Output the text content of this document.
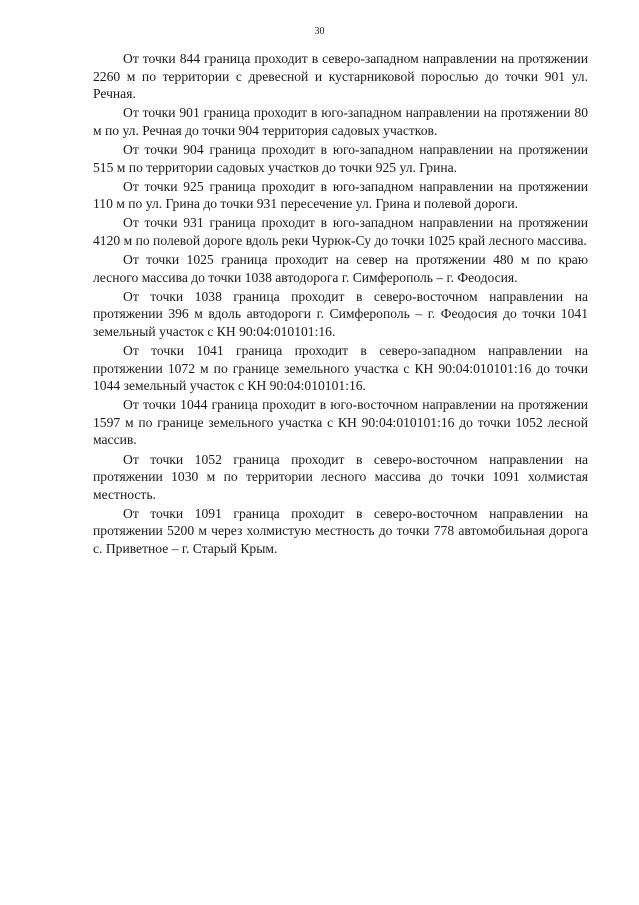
30

От точки 844 граница проходит в северо-западном направлении на протяжении 2260 м по территории с древесной и кустарниковой порослью до точки 901 ул. Речная.

От точки 901 граница проходит в юго-западном направлении на протяжении 80 м по ул. Речная до точки 904 территория садовых участков.

От точки 904 граница проходит в юго-западном направлении на протяжении 515 м по территории садовых участков до точки 925 ул. Грина.

От точки 925 граница проходит в юго-западном направлении на протяжении 110 м по ул. Грина до точки 931 пересечение ул. Грина и полевой дороги.

От точки 931 граница проходит в юго-западном направлении на протяжении 4120 м по полевой дороге вдоль реки Чурюк-Су до точки 1025 край лесного массива.

От точки 1025 граница проходит на север на протяжении 480 м по краю лесного массива до точки 1038 автодорога г. Симферополь – г. Феодосия.

От точки 1038 граница проходит в северо-восточном направлении на протяжении 396 м вдоль автодороги г. Симферополь – г. Феодосия до точки 1041 земельный участок с КН 90:04:010101:16.

От точки 1041 граница проходит в северо-западном направлении на протяжении 1072 м по границе земельного участка с КН 90:04:010101:16 до точки 1044 земельный участок с КН 90:04:010101:16.

От точки 1044 граница проходит в юго-восточном направлении на протяжении 1597 м по границе земельного участка с КН 90:04:010101:16 до точки 1052 лесной массив.

От точки 1052 граница проходит в северо-восточном направлении на протяжении 1030 м по территории лесного массива до точки 1091 холмистая местность.

От точки 1091 граница проходит в северо-восточном направлении на протяжении 5200 м через холмистую местность до точки 778 автомобильная дорога с. Приветное – г. Старый Крым.
